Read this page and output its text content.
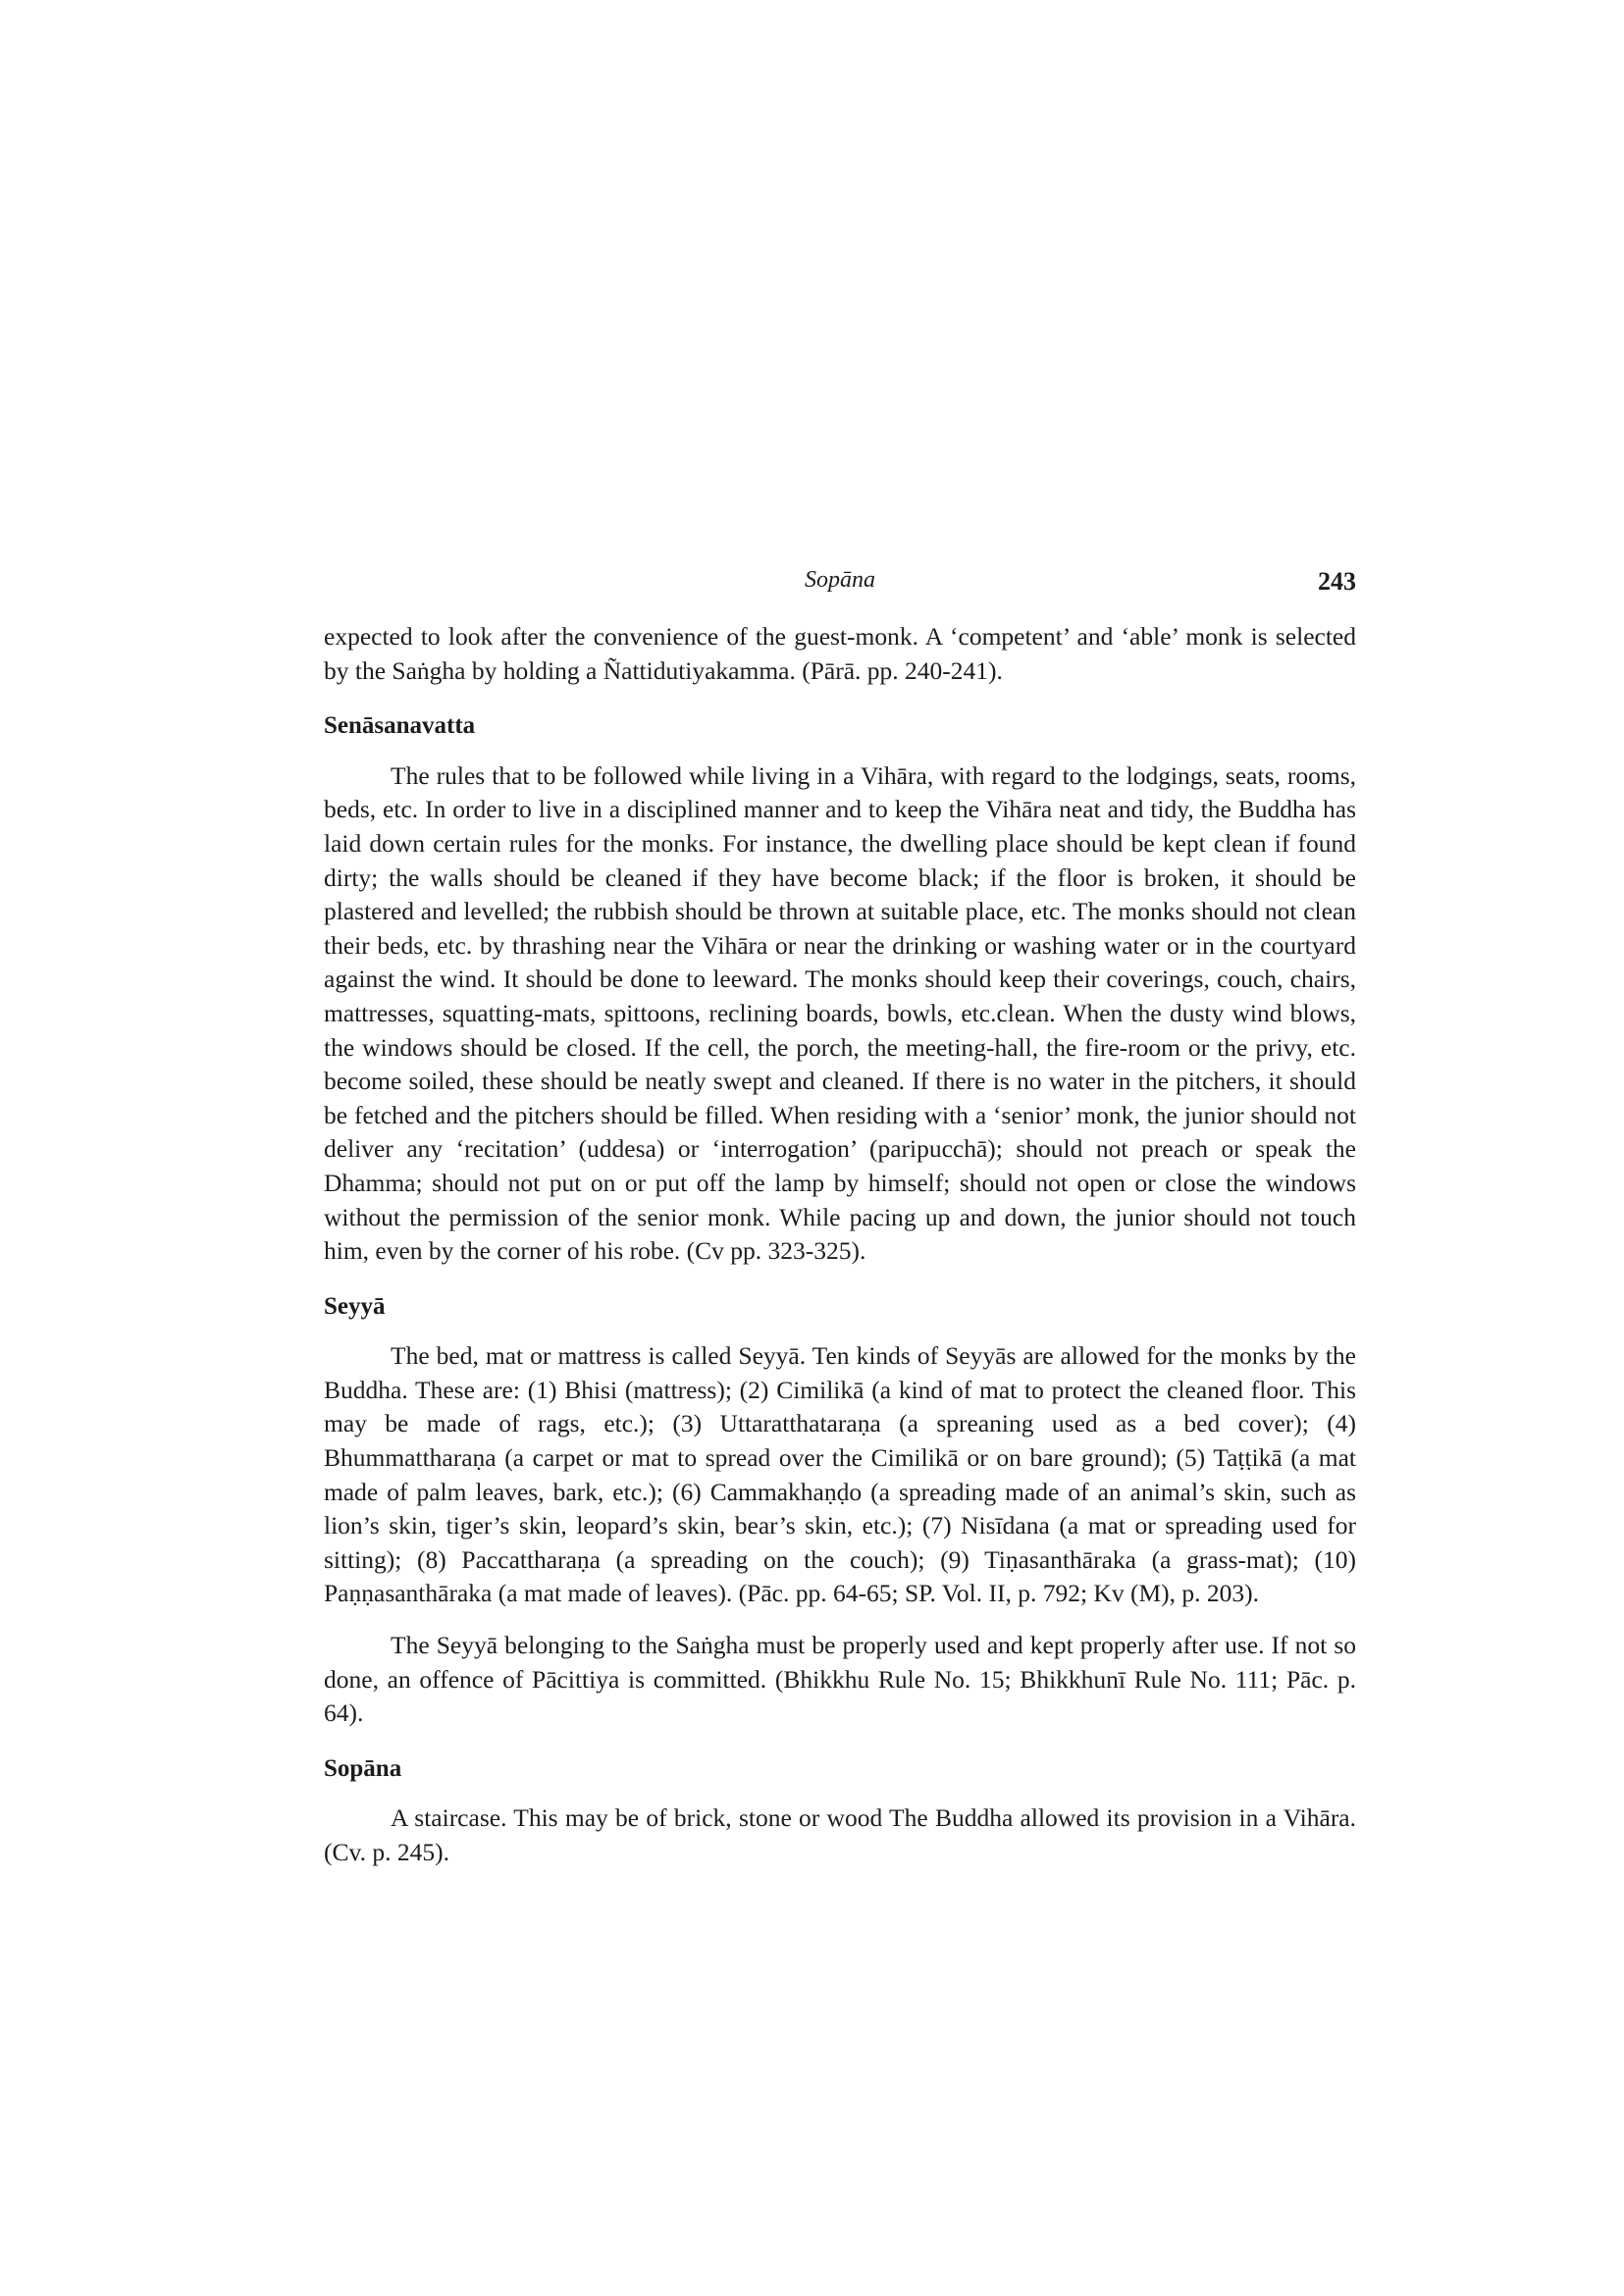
Sopāna	243

expected to look after the convenience of the guest-monk. A ‘competent’ and ‘able’ monk is selected by the Saṅgha by holding a Ñattidutiyakamma. (Pārā. pp. 240-241).

Senāsanavatta

The rules that to be followed while living in a Vihāra, with regard to the lodgings, seats, rooms, beds, etc. In order to live in a disciplined manner and to keep the Vihāra neat and tidy, the Buddha has laid down certain rules for the monks. For instance, the dwelling place should be kept clean if found dirty; the walls should be cleaned if they have become black; if the floor is broken, it should be plastered and levelled; the rubbish should be thrown at suitable place, etc. The monks should not clean their beds, etc. by thrashing near the Vihāra or near the drinking or washing water or in the courtyard against the wind. It should be done to leeward. The monks should keep their coverings, couch, chairs, mattresses, squatting-mats, spittoons, reclining boards, bowls, etc.clean. When the dusty wind blows, the windows should be closed. If the cell, the porch, the meeting-hall, the fire-room or the privy, etc. become soiled, these should be neatly swept and cleaned. If there is no water in the pitchers, it should be fetched and the pitchers should be filled. When residing with a ‘senior’ monk, the junior should not deliver any ‘recitation’ (uddesa) or ‘interrogation’ (paripucchā); should not preach or speak the Dhamma; should not put on or put off the lamp by himself; should not open or close the windows without the permission of the senior monk. While pacing up and down, the junior should not touch him, even by the corner of his robe. (Cv pp. 323-325).

Seyyā

The bed, mat or mattress is called Seyyā. Ten kinds of Seyyās are allowed for the monks by the Buddha. These are: (1) Bhisi (mattress); (2) Cimilikā (a kind of mat to protect the cleaned floor. This may be made of rags, etc.); (3) Uttaratthataraṇa (a spreaning used as a bed cover); (4) Bhummattharaṇa (a carpet or mat to spread over the Cimilikā or on bare ground); (5) Taṭṭikā (a mat made of palm leaves, bark, etc.); (6) Cammakhaṇḍo (a spreading made of an animal’s skin, such as lion’s skin, tiger’s skin, leopard’s skin, bear’s skin, etc.); (7) Nisīdana (a mat or spreading used for sitting); (8) Paccattharaṇa (a spreading on the couch); (9) Tiṇasanthāraka (a grass-mat); (10) Paṇṇasanthāraka (a mat made of leaves). (Pāc. pp. 64-65; SP. Vol. II, p. 792; Kv (M), p. 203).

The Seyyā belonging to the Saṅgha must be properly used and kept properly after use. If not so done, an offence of Pācittiya is committed. (Bhikkhu Rule No. 15; Bhikkhunī Rule No. 111; Pāc. p. 64).

Sopāna

A staircase. This may be of brick, stone or wood The Buddha allowed its provision in a Vihāra. (Cv. p. 245).
